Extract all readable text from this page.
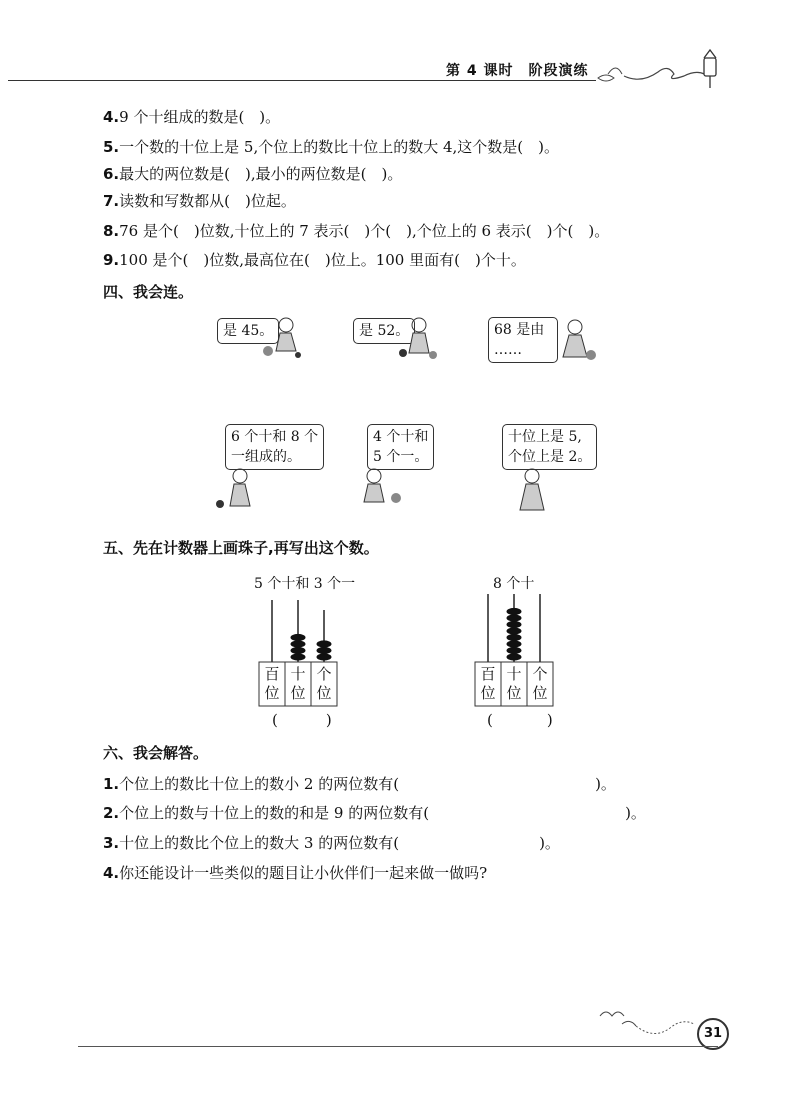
第 4 课时　阶段演练
4.9 个十组成的数是(　)。
5.一个数的十位上是 5,个位上的数比十位上的数大 4,这个数是(　)。
6.最大的两位数是(　),最小的两位数是(　)。
7.读数和写数都从(　)位起。
8.76 是个(　)位数,十位上的 7 表示(　)个(　),个位上的 6 表示(　)个(　)。
9.100 是个(　)位数,最高位在(　)位上。100 里面有(　)个十。
四、我会连。
是 45。	是 52。	68 是由
……
6 个十和 8 个
一组成的。
4 个十和
5 个一。
十位上是 5,
个位上是 2。
五、先在计数器上画珠子,再写出这个数。
5 个十和 3 个一
百
位
十
位
个
位
(　　)
8 个十
百
位
十
位
个
位
(　　)
六、我会解答。
1.个位上的数比十位上的数小 2 的两位数有(	)。
2.个位上的数与十位上的数的和是 9 的两位数有(	)。
3.十位上的数比个位上的数大 3 的两位数有(	)。
4.你还能设计一些类似的题目让小伙伴们一起来做一做吗?
31
